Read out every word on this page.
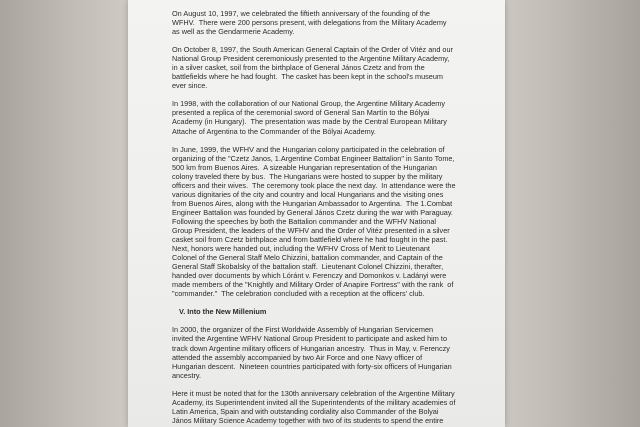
On August 10, 1997, we celebrated the fiftieth anniversary of the founding of the
WFHV.  There were 200 persons present, with delegations from the Military Academy
as well as the Gendarmerie Academy.
On October 8, 1997, the South American General Captain of the Order of Vitéz and our
National Group President ceremoniously presented to the Argentine Military Academy,
in a silver casket, soil from the birthplace of General János Czetz and from the
battlefields where he had fought.  The casket has been kept in the school's museum
ever since.
In 1998, with the collaboration of our National Group, the Argentine Military Academy
presented a replica of the ceremonial sword of General San Martín to the Bólyai
Academy (in Hungary).  The presentation was made by the Central European Military
Attache of Argentina to the Commander of the Bólyai Academy.
In June, 1999, the WFHV and the Hungarian colony participated in the celebration of
organizing of the "Czetz Janos, 1.Argentine Combat Engineer Battalion" in Santo Tome,
500 km from Buenos Aires.  A sizeable Hungarian representation of the Hungarian
colony traveled there by bus.  The Hungarians were hosted to supper by the military
officers and their wives.  The ceremony took place the next day.  In attendance were the
various dignitaries of the city and country and local Hungarians and the visiting ones
from Buenos Aires, along with the Hungarian Ambassador to Argentina.  The 1.Combat
Engineer Battalion was founded by General János Czetz during the war with Paraguay.
Following the speeches by both the Battalion commander and the WFHV National
Group President, the leaders of the WFHV and the Order of Vitéz presented in a silver
casket soil from Czetz birthplace and from battlefield where he had fought in the past.
Next, honors were handed out, including the WFHV Cross of Merit to Lieutenant
Colonel of the General Staff Melo Chizzini, battalion commander, and Captain of the
General Staff Skobalsky of the battalion staff.  Lieutenant Colonel Chizzini, therafter,
handed over documents by which Lóránt v. Ferenczy and Domonkos v. Ladányi were
made members of the "Knightly and Military Order of Anapire Fortress" with the rank  of
"commander."  The celebration concluded with a reception at the officers' club.
V. Into the New Millenium
In 2000, the organizer of the First Worldwide Assembly of Hungarian Servicemen
invited the Argentine WFHV National Group President to participate and asked him to
track down Argentine military officers of Hungarian ancestry.  Thus in May, v. Ferenczy
attended the assembly accompanied by two Air Force and one Navy officer of
Hungarian descent.  Nineteen countries participated with forty-six officers of Hungarian
ancestry.
Here it must be noted that for the 130th anniversary celebration of the Argentine Military
Academy, its Superintendent invited all the Superintendents of the military academies of
Latin America, Spain and with outstanding cordiality also Commander of the Bolyai
János Military Science Academy together with two of its students to spend the entire
